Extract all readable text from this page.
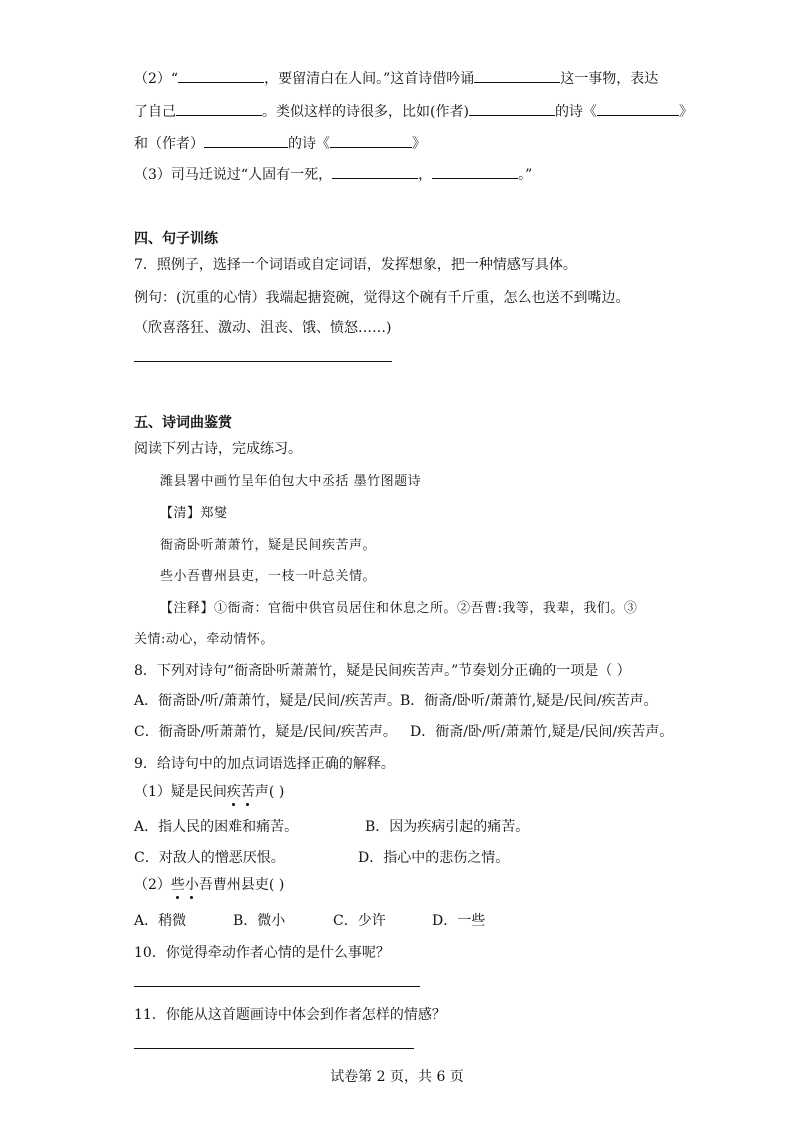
（2）“	，要留清白在人间。”这首诗借吟诵	这一事物，表达
了自己	。类似这样的诗很多，比如(作者)	的诗《	》
和（作者）	的诗《	》
（3）司马迁说过“人固有一死，	，	。”
四、句子训练
7．照例子，选择一个词语或自定词语，发挥想象，把一种情感写具体。
例句：(沉重的心情）我端起搪瓷碗，觉得这个碗有千斤重，怎么也送不到嘴边。
（欣喜落狂、激动、沮丧、饿、愤怒……)
五、诗词曲鉴赏
阅读下列古诗，完成练习。
潍县署中画竹呈年伯包大中丞括 墨竹图题诗
【清】郑燮
衙斋卧听萧萧竹，疑是民间疾苦声。
些小吾曹州县吏，一枝一叶总关情。
【注释】①衙斋：官衙中供官员居住和休息之所。②吾曹:我等，我辈，我们。③
关情:动心，牵动情怀。
8．下列对诗句“衙斋卧听萧萧竹，疑是民间疾苦声。”节奏划分正确的一项是（ ）
A．衙斋卧/听/萧萧竹，疑是/民间/疾苦声。 B．衙斋/卧听/萧萧竹,疑是/民间/疾苦声。
C．衙斋卧/听萧萧竹，疑是/民间/疾苦声。 D．衙斋/卧/听/萧萧竹,疑是/民间/疾苦声。
9．给诗句中的加点词语选择正确的解释。
（1）疑是民间疾苦声( )
A．指人民的困难和痛苦。	B．因为疾病引起的痛苦。
C．对敌人的憎恶厌恨。	D．指心中的悲伤之情。
（2）些小吾曹州县吏( )
A．稍微	B．微小	C．少许	D．一些
10．你觉得牵动作者心情的是什么事呢？
11．你能从这首题画诗中体会到作者怎样的情感？
试卷第 2 页，共 6 页
